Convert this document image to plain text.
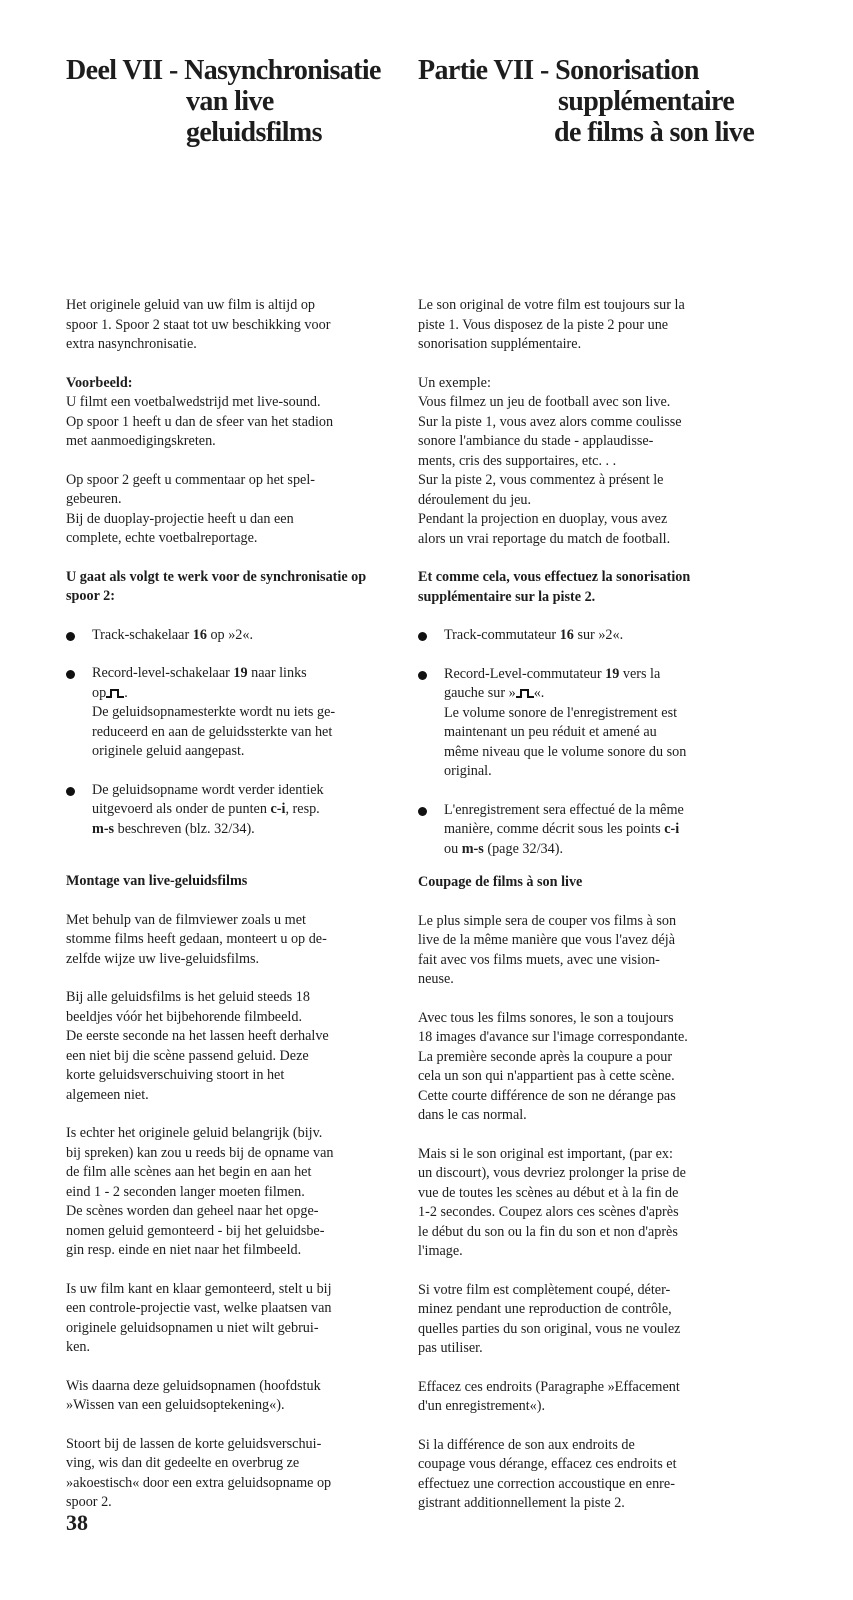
Deel VII - Nasynchronisatie
van live
geluidsfilms

Het originele geluid van uw film is altijd op
spoor 1. Spoor 2 staat tot uw beschikking voor
extra nasynchronisatie.

Voorbeeld:

U filmt een voetbalwedstrijd met live-sound.
Op spoor 1 heeft u dan de sfeer van het stadion
met aanmoedigingskreten.

Op spoor 2 geeft u commentaar op het spel-
gebeuren.
Bij de duoplay-projectie heeft u dan een
complete, echte voetbalreportage.

U gaat als volgt te werk voor de synchronisatie op
spoor 2:

Track-schakelaar 16 op »2«.

Record-level-schakelaar 19 naar links
op .
De geluidsopnamesterkte wordt nu iets ge-
reduceerd en aan de geluidssterkte van het
originele geluid aangepast.

De geluidsopname wordt verder identiek
uitgevoerd als onder de punten c-i, resp.
m-s beschreven (blz. 32/34).

Montage van live-geluidsfilms

Met behulp van de filmviewer zoals u met
stomme films heeft gedaan, monteert u op de-
zelfde wijze uw live-geluidsfilms.

Bij alle geluidsfilms is het geluid steeds 18
beeldjes vóór het bijbehorende filmbeeld.
De eerste seconde na het lassen heeft derhalve
een niet bij die scène passend geluid. Deze
korte geluidsverschuiving stoort in het
algemeen niet.

Is echter het originele geluid belangrijk (bijv.
bij spreken) kan zou u reeds bij de opname van
de film alle scènes aan het begin en aan het
eind 1 - 2 seconden langer moeten filmen.
De scènes worden dan geheel naar het opge-
nomen geluid gemonteerd - bij het geluidsbe-
gin resp. einde en niet naar het filmbeeld.

Is uw film kant en klaar gemonteerd, stelt u bij
een controle-projectie vast, welke plaatsen van
originele geluidsopnamen u niet wilt gebrui-
ken.

Wis daarna deze geluidsopnamen (hoofdstuk
»Wissen van een geluidsoptekening«).

Stoort bij de lassen de korte geluidsverschui-
ving, wis dan dit gedeelte en overbrug ze
»akoestisch« door een extra geluidsopname op
spoor 2.

Partie VII - Sonorisation
supplémentaire
de films à son live

Le son original de votre film est toujours sur la
piste 1. Vous disposez de la piste 2 pour une
sonorisation supplémentaire.

Un exemple:
Vous filmez un jeu de football avec son live.
Sur la piste 1, vous avez alors comme coulisse
sonore l'ambiance du stade - applaudisse-
ments, cris des supportaires, etc. . .
Sur la piste 2, vous commentez à présent le
déroulement du jeu.
Pendant la projection en duoplay, vous avez
alors un vrai reportage du match de football.

Et comme cela, vous effectuez la sonorisation
supplémentaire sur la piste 2.

Track-commutateur 16 sur »2«.

Record-Level-commutateur 19 vers la
gauche sur » «.
Le volume sonore de l'enregistrement est
maintenant un peu réduit et amené au
même niveau que le volume sonore du son
original.

L'enregistrement sera effectué de la même
manière, comme décrit sous les points c-i
ou m-s (page 32/34).

Coupage de films à son live

Le plus simple sera de couper vos films à son
live de la même manière que vous l'avez déjà
fait avec vos films muets, avec une vision-
neuse.

Avec tous les films sonores, le son a toujours
18 images d'avance sur l'image correspondante.
La première seconde après la coupure a pour
cela un son qui n'appartient pas à cette scène.
Cette courte différence de son ne dérange pas
dans le cas normal.

Mais si le son original est important, (par ex:
un discourt), vous devriez prolonger la prise de
vue de toutes les scènes au début et à la fin de
1-2 secondes. Coupez alors ces scènes d'après
le début du son ou la fin du son et non d'après
l'image.

Si votre film est complètement coupé, déter-
minez pendant une reproduction de contrôle,
quelles parties du son original, vous ne voulez
pas utiliser.

Effacez ces endroits (Paragraphe »Effacement
d'un enregistrement«).

Si la différence de son aux endroits de
coupage vous dérange, effacez ces endroits et
effectuez une correction accoustique en enre-
gistrant additionnellement la piste 2.

38
